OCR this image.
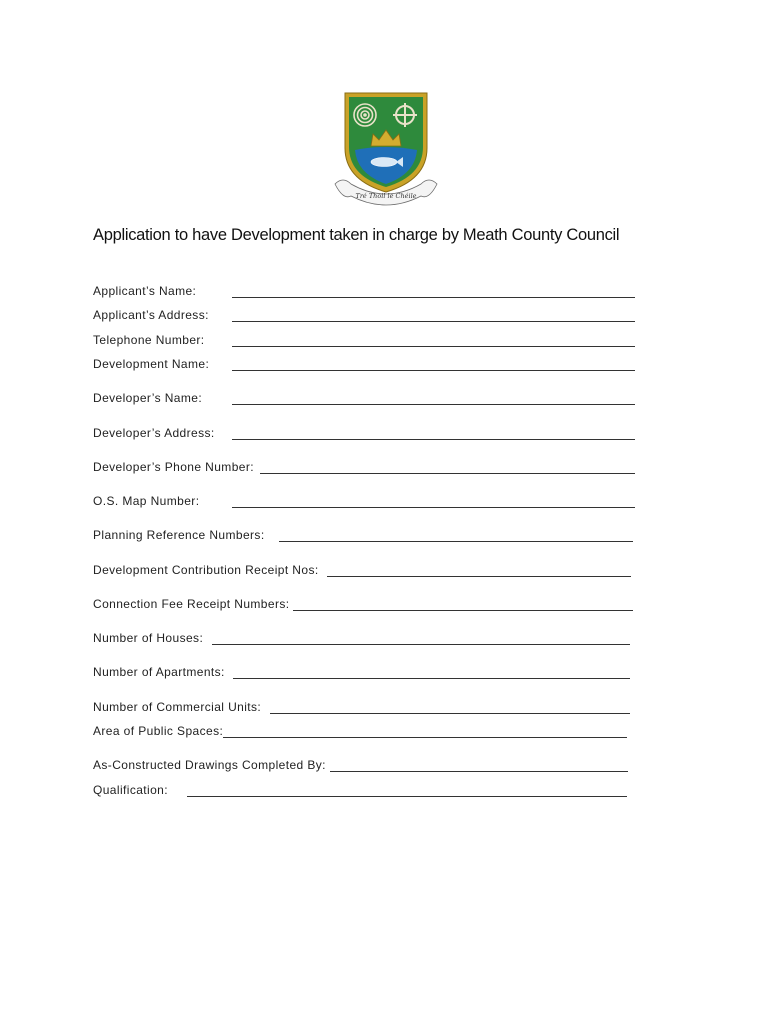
Tré Thoil le Chéile
Application to have Development taken in charge by Meath County Council
Applicant’s Name:
Applicant’s Address:
Telephone Number:
Development Name:
Developer’s Name:
Developer’s Address:
Developer’s Phone Number:
O.S. Map Number:
Planning Reference Numbers:
Development Contribution Receipt Nos:
Connection Fee Receipt Numbers:
Number of Houses:
Number of Apartments:
Number of Commercial Units:
Area of Public Spaces:
As-Constructed Drawings Completed By:
Qualification:
